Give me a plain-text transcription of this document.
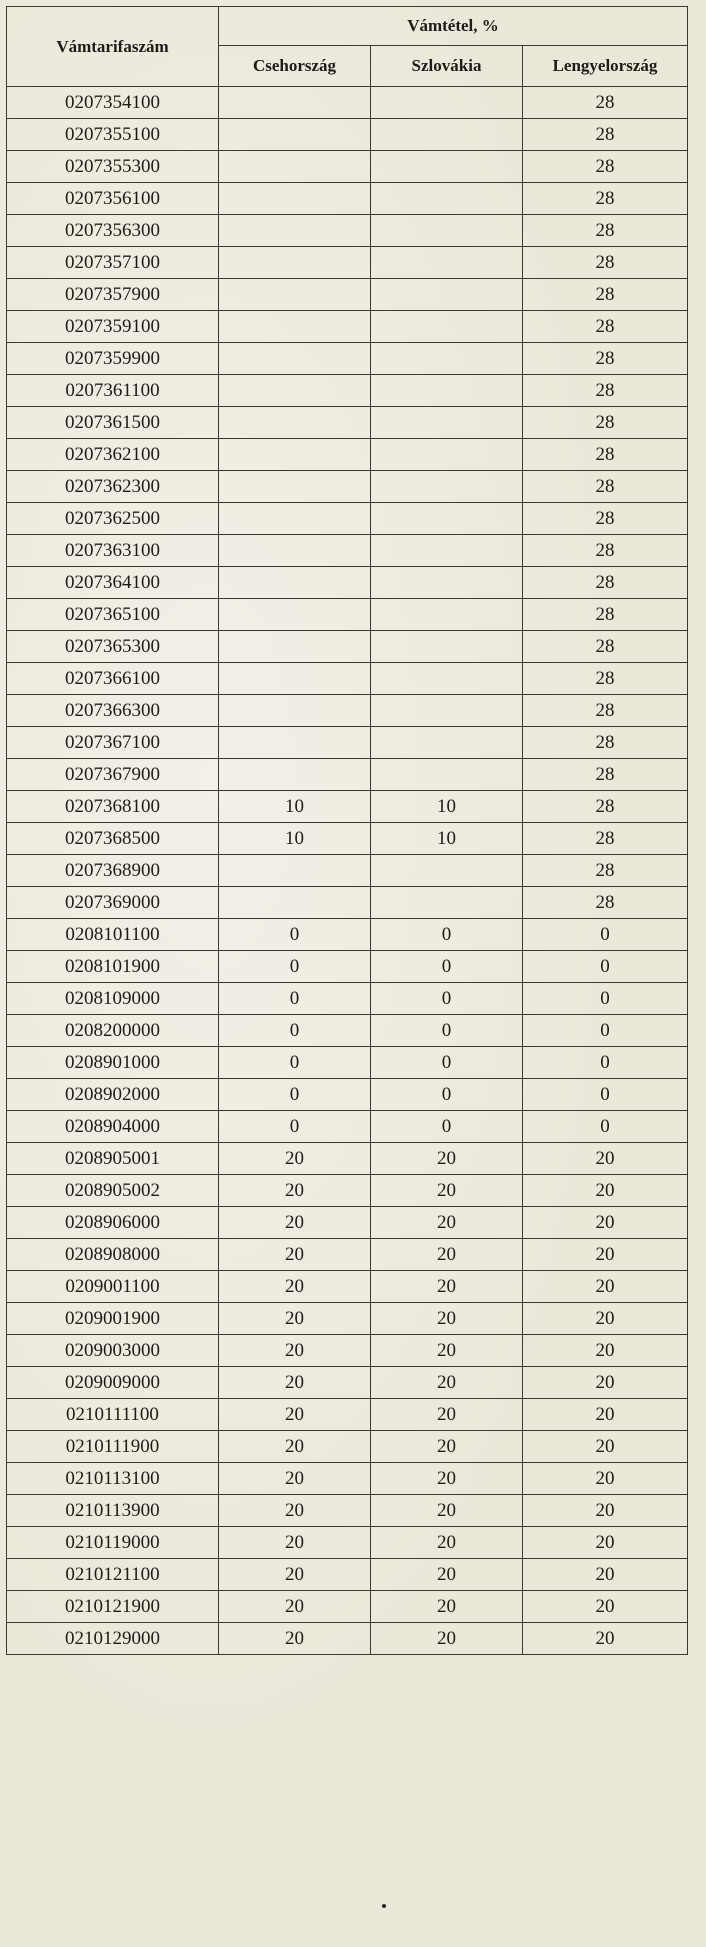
Vámtarifaszám	Vámtétel, %		
	Csehország	Szlovákia	Lengyelország
0207354100			28
0207355100			28
0207355300			28
0207356100			28
0207356300			28
0207357100			28
0207357900			28
0207359100			28
0207359900			28
0207361100			28
0207361500			28
0207362100			28
0207362300			28
0207362500			28
0207363100			28
0207364100			28
0207365100			28
0207365300			28
0207366100			28
0207366300			28
0207367100			28
0207367900			28
0207368100	10	10	28
0207368500	10	10	28
0207368900			28
0207369000			28
0208101100	0	0	0
0208101900	0	0	0
0208109000	0	0	0
0208200000	0	0	0
0208901000	0	0	0
0208902000	0	0	0
0208904000	0	0	0
0208905001	20	20	20
0208905002	20	20	20
0208906000	20	20	20
0208908000	20	20	20
0209001100	20	20	20
0209001900	20	20	20
0209003000	20	20	20
0209009000	20	20	20
0210111100	20	20	20
0210111900	20	20	20
0210113100	20	20	20
0210113900	20	20	20
0210119000	20	20	20
0210121100	20	20	20
0210121900	20	20	20
0210129000	20	20	20
